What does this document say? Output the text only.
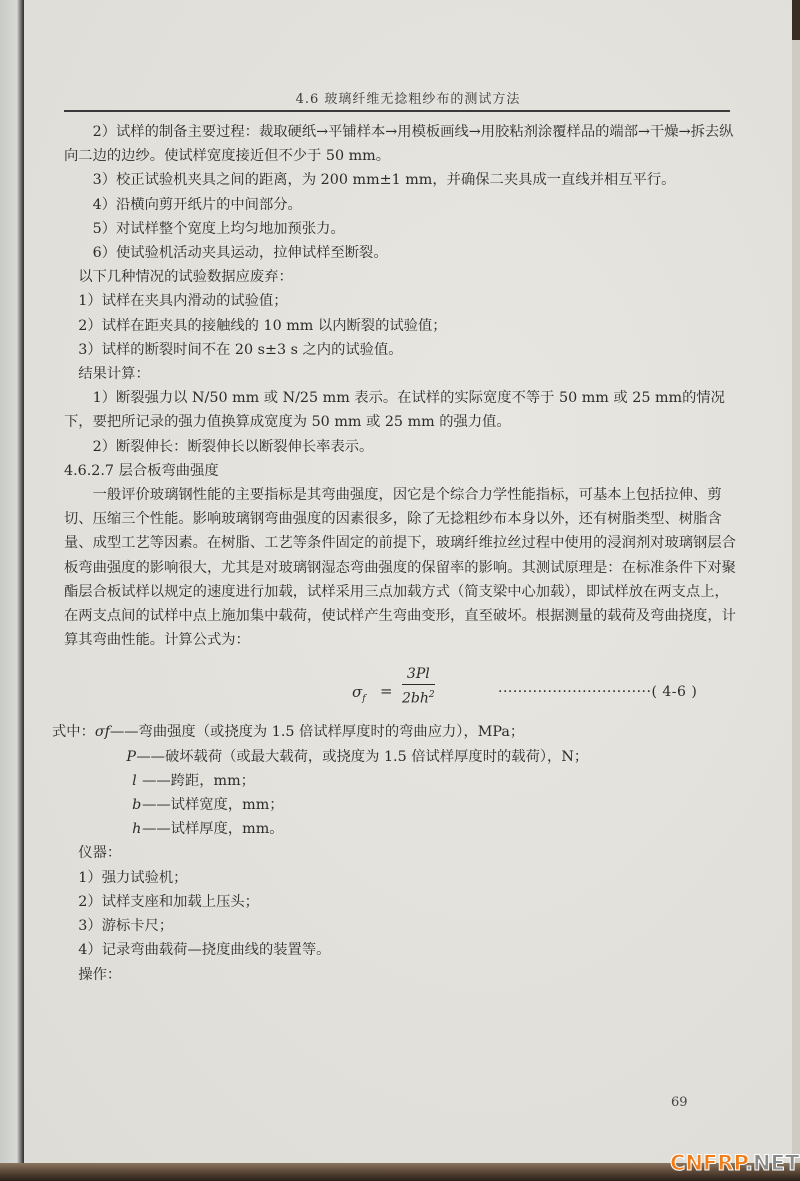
4.6 玻璃纤维无捻粗纱布的测试方法

2）试样的制备主要过程：裁取硬纸→平铺样本→用模板画线→用胶粘剂涂覆样品的端部→干燥→拆去纵向二边的边纱。使试样宽度接近但不少于 50 mm。

3）校正试验机夹具之间的距离，为 200 mm±1 mm，并确保二夹具成一直线并相互平行。

4）沿横向剪开纸片的中间部分。

5）对试样整个宽度上均匀地加预张力。

6）使试验机活动夹具运动，拉伸试样至断裂。

以下几种情况的试验数据应废弃：

1）试样在夹具内滑动的试验值；

2）试样在距夹具的接触线的 10 mm 以内断裂的试验值；

3）试样的断裂时间不在 20 s±3 s 之内的试验值。

结果计算：

1）断裂强力以 N/50 mm 或 N/25 mm 表示。在试样的实际宽度不等于 50 mm 或 25 mm的情况下，要把所记录的强力值换算成宽度为 50 mm 或 25 mm 的强力值。

2）断裂伸长：断裂伸长以断裂伸长率表示。

4.6.2.7 层合板弯曲强度

一般评价玻璃钢性能的主要指标是其弯曲强度，因它是个综合力学性能指标，可基本上包括拉伸、剪切、压缩三个性能。影响玻璃钢弯曲强度的因素很多，除了无捻粗纱布本身以外，还有树脂类型、树脂含量、成型工艺等因素。在树脂、工艺等条件固定的前提下，玻璃纤维拉丝过程中使用的浸润剂对玻璃钢层合板弯曲强度的影响很大，尤其是对玻璃钢湿态弯曲强度的保留率的影响。其测试原理是：在标准条件下对聚酯层合板试样以规定的速度进行加载，试样采用三点加载方式（简支梁中心加载），即试样放在两支点上，在两支点间的试样中点上施加集中载荷，使试样产生弯曲变形，直至破坏。根据测量的载荷及弯曲挠度，计算其弯曲性能。计算公式为：

$\sigma_f = \frac{3Pl}{2bh^2}$	·······························( 4-6 )

式中：σf——弯曲强度（或挠度为 1.5 倍试样厚度时的弯曲应力），MPa；

P——破坏载荷（或最大载荷，或挠度为 1.5 倍试样厚度时的载荷），N；

l ——跨距，mm；

b——试样宽度，mm；

h——试样厚度，mm。

仪器：

1）强力试验机；

2）试样支座和加载上压头；

3）游标卡尺；

4）记录弯曲载荷—挠度曲线的装置等。

操作：

69
CNFRP.NET
